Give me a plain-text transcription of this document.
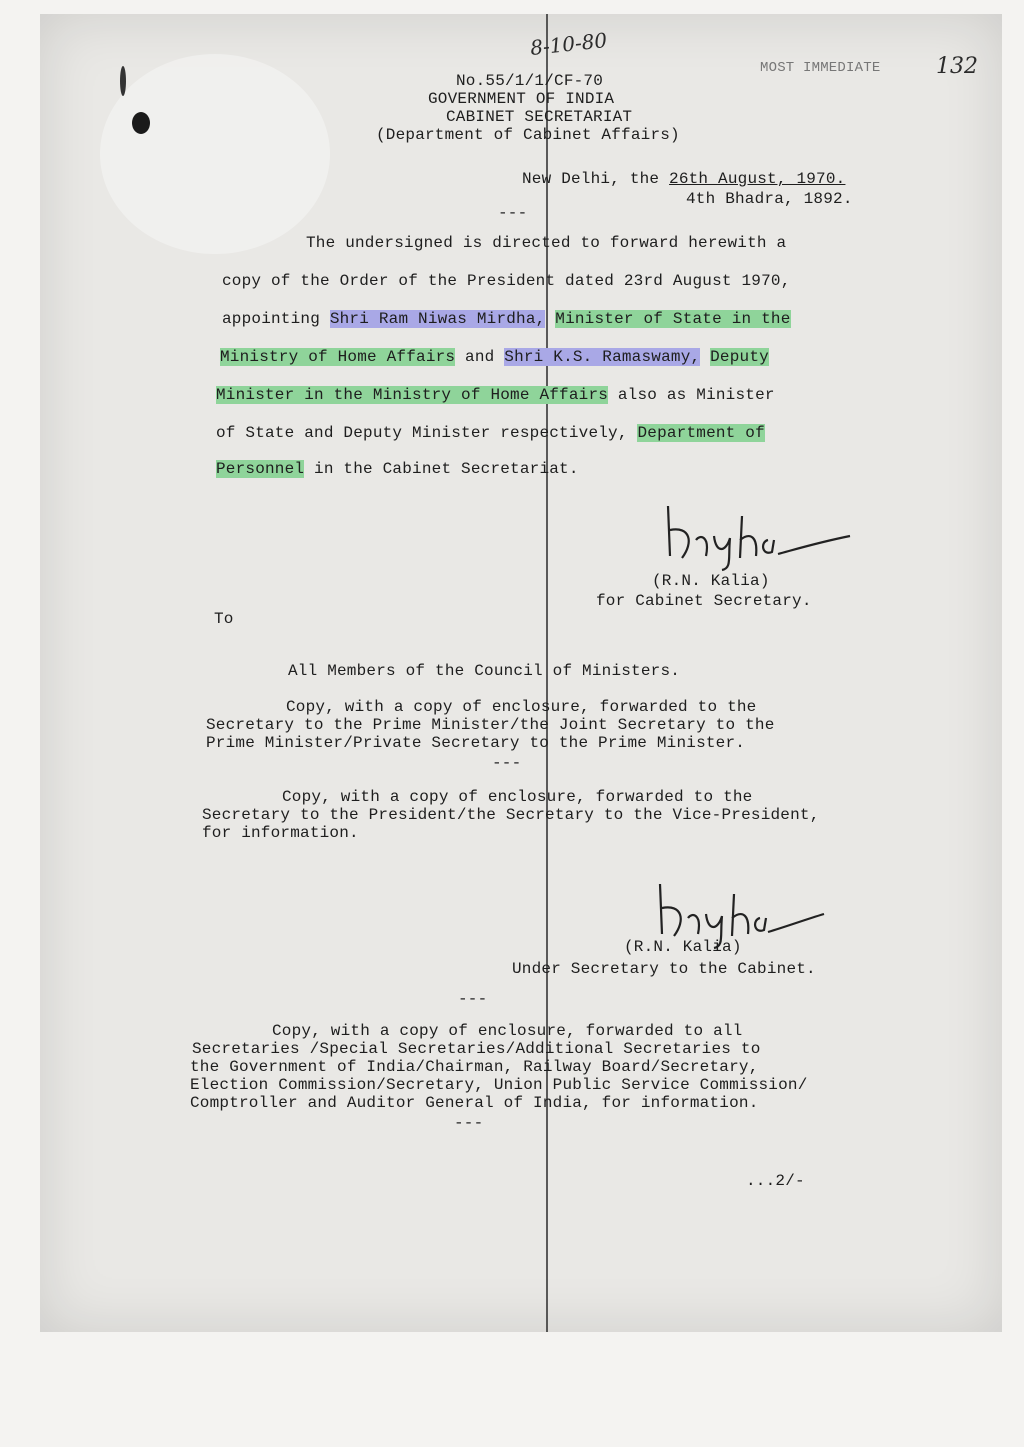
8-10-80
MOST IMMEDIATE	132
No.55/1/1/CF-70
GOVERNMENT OF INDIA
CABINET SECRETARIAT
(Department of Cabinet Affairs)
New Delhi, the 26th August, 1970.
4th Bhadra, 1892.
---
The undersigned is directed to forward herewith a
copy of the Order of the President dated 23rd August 1970,
appointing Shri Ram Niwas Mirdha, Minister of State in the
Ministry of Home Affairs and Shri K.S. Ramaswamy, Deputy
Minister in the Ministry of Home Affairs also as Minister
of State and Deputy Minister respectively, Department of
Personnel in the Cabinet Secretariat.
Kalia
(R.N. Kalia)
for Cabinet Secretary.
To
All Members of the Council of Ministers.
Copy, with a copy of enclosure, forwarded to the
Secretary to the Prime Minister/the Joint Secretary to the
Prime Minister/Private Secretary to the Prime Minister.
---
Copy, with a copy of enclosure, forwarded to the
Secretary to the President/the Secretary to the Vice-President,
for information.
Kalia
(R.N. Kalia)
Under Secretary to the Cabinet.
---
Copy, with a copy of enclosure, forwarded to all
Secretaries /Special Secretaries/Additional Secretaries to
the Government of India/Chairman, Railway Board/Secretary,
Election Commission/Secretary, Union Public Service Commission/
Comptroller and Auditor General of India, for information.
---
...2/-
